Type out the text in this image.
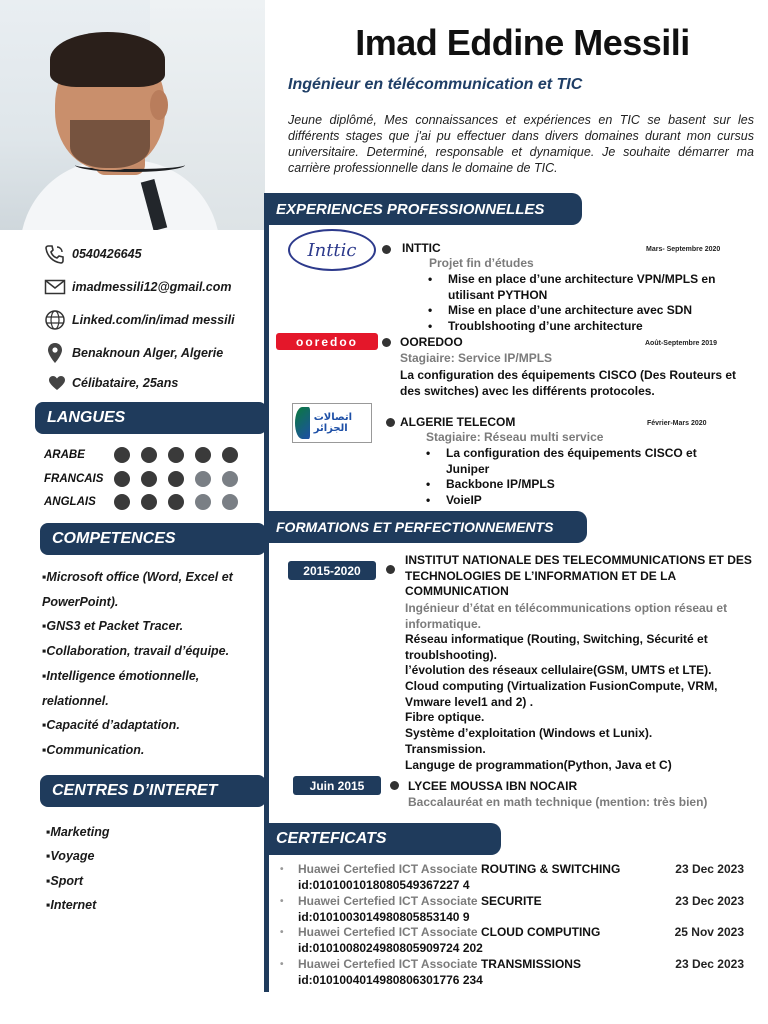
Imad Eddine Messili
Ingénieur en télécommunication et TIC
Jeune diplômé, Mes connaissances et expériences en TIC se basent sur les différents stages que j'ai pu effectuer dans divers domaines durant mon cursus universitaire. Determiné, responsable et dynamique. Je souhaite démarrer ma carrière professionnelle dans le domaine de TIC.
0540426645
imadmessili12@gmail.com
Linked.com/in/imad messili
Benaknoun Alger, Algerie
Célibataire, 25ans
LANGUES
ARABE
FRANCAIS
ANGLAIS
COMPETENCES
▪Microsoft office (Word, Excel et PowerPoint).
▪GNS3 et Packet Tracer.
▪Collaboration, travail d’équipe.
▪Intelligence émotionnelle, relationnel.
▪Capacité d’adaptation.
▪Communication.
CENTRES D’INTERET
▪Marketing
▪Voyage
▪Sport
▪Internet
EXPERIENCES PROFESSIONNELLES
Inttic	INTTIC	Mars- Septembre 2020
Projet fin d’études
• Mise en place d’une architecture VPN/MPLS en utilisant PYTHON
• Mise en place d’une architecture avec SDN
• Troublshooting d’une architecture
ooredoo	OOREDOO	Août-Septembre 2019
Stagiaire: Service IP/MPLS
La configuration des équipements CISCO (Des Routeurs et des switches) avec les différents protocoles.
اتصالات الجزائر	ALGERIE TELECOM	Février-Mars 2020
Stagiaire: Réseau multi service
• La configuration des équipements CISCO et Juniper
• Backbone IP/MPLS
• VoieIP
FORMATIONS ET PERFECTIONNEMENTS
2015-2020
INSTITUT NATIONALE DES TELECOMMUNICATIONS ET DES TECHNOLOGIES DE L’INFORMATION ET DE LA COMMUNICATION
Ingénieur d’état en télécommunications option réseau et informatique.
Réseau informatique (Routing, Switching, Sécurité et troublshooting).
l’évolution des réseaux cellulaire(GSM, UMTS et LTE).
Cloud computing (Virtualization FusionCompute, VRM, Vmware level1 and 2) .
Fibre optique.
Système d’exploitation (Windows et Lunix).
Transmission.
Languge de programmation(Python, Java et C)
Juin 2015	LYCEE MOUSSA IBN NOCAIR
Baccalauréat en math technique (mention: très bien)
CERTEFICATS
• Huawei Certefied ICT Associate ROUTING & SWITCHING	23 Dec 2023
id:0101001018080549367227 4
• Huawei Certefied ICT Associate SECURITE	23 Dec 2023
id:0101003014980805853140 9
• Huawei Certefied ICT Associate CLOUD COMPUTING	25 Nov 2023
id:0101008024980805909724 202
• Huawei Certefied ICT Associate TRANSMISSIONS	23 Dec 2023
id:0101004014980806301776 234
